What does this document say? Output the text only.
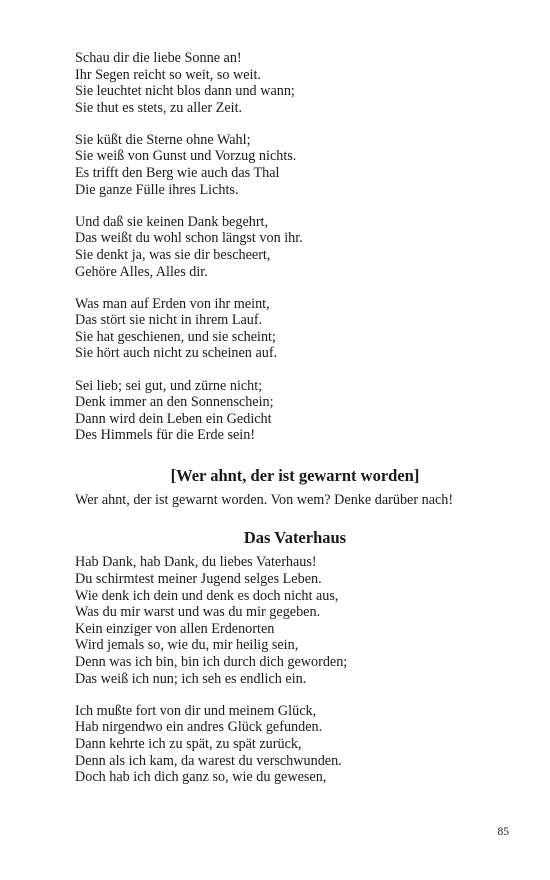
Schau dir die liebe Sonne an!
Ihr Segen reicht so weit, so weit.
Sie leuchtet nicht blos dann und wann;
Sie thut es stets, zu aller Zeit.
Sie küßt die Sterne ohne Wahl;
Sie weiß von Gunst und Vorzug nichts.
Es trifft den Berg wie auch das Thal
Die ganze Fülle ihres Lichts.
Und daß sie keinen Dank begehrt,
Das weißt du wohl schon längst von ihr.
Sie denkt ja, was sie dir bescheert,
Gehöre Alles, Alles dir.
Was man auf Erden von ihr meint,
Das stört sie nicht in ihrem Lauf.
Sie hat geschienen, und sie scheint;
Sie hört auch nicht zu scheinen auf.
Sei lieb; sei gut, und zürne nicht;
Denk immer an den Sonnenschein;
Dann wird dein Leben ein Gedicht
Des Himmels für die Erde sein!
[Wer ahnt, der ist gewarnt worden]
Wer ahnt, der ist gewarnt worden. Von wem? Denke darüber nach!
Das Vaterhaus
Hab Dank, hab Dank, du liebes Vaterhaus!
Du schirmtest meiner Jugend selges Leben.
Wie denk ich dein und denk es doch nicht aus,
Was du mir warst und was du mir gegeben.
Kein einziger von allen Erdenorten
Wird jemals so, wie du, mir heilig sein,
Denn was ich bin, bin ich durch dich geworden;
Das weiß ich nun; ich seh es endlich ein.
Ich mußte fort von dir und meinem Glück,
Hab nirgendwo ein andres Glück gefunden.
Dann kehrte ich zu spät, zu spät zurück,
Denn als ich kam, da warest du verschwunden.
Doch hab ich dich ganz so, wie du gewesen,
85
